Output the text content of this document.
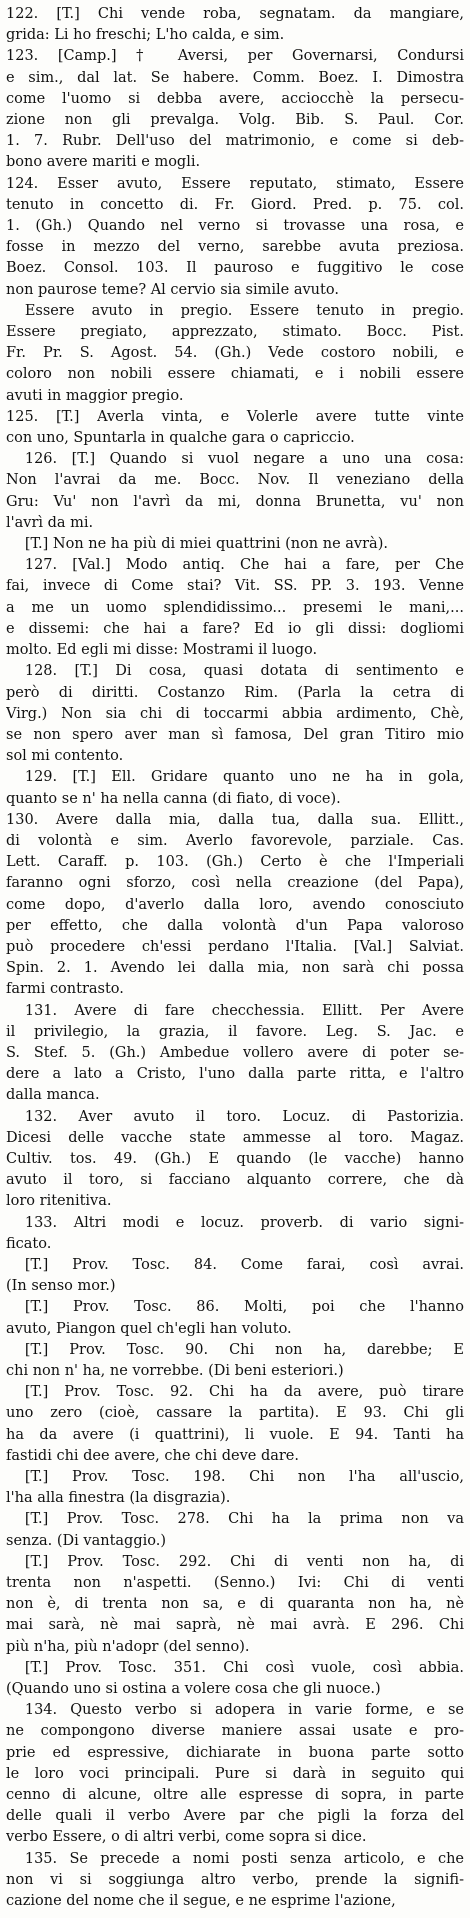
122. [T.] Chi vende roba, segnatam. da mangiare,
grida: Li ho freschi; L'ho calda, e sim.
123. [Camp.] † Aversi, per Governarsi, Condursi
e sim., dal lat. Se habere. Comm. Boez. I. Dimostra
come l'uomo si debba avere, acciocchè la persecu-
zione non gli prevalga. Volg. Bib. S. Paul. Cor.
1. 7. Rubr. Dell'uso del matrimonio, e come si deb-
bono avere mariti e mogli.
124. Esser avuto, Essere reputato, stimato, Essere
tenuto in concetto di. Fr. Giord. Pred. p. 75. col.
1. (Gh.) Quando nel verno si trovasse una rosa, e
fosse in mezzo del verno, sarebbe avuta preziosa.
Boez. Consol. 103. Il pauroso e fuggitivo le cose
non paurose teme? Al cervio sia simile avuto.
Essere avuto in pregio. Essere tenuto in pregio.
Essere pregiato, apprezzato, stimato. Bocc. Pist.
Fr. Pr. S. Agost. 54. (Gh.) Vede costoro nobili, e
coloro non nobili essere chiamati, e i nobili essere
avuti in maggior pregio.
125. [T.] Averla vinta, e Volerle avere tutte vinte
con uno, Spuntarla in qualche gara o capriccio.
126. [T.] Quando si vuol negare a uno una cosa:
Non l'avrai da me. Bocc. Nov. Il veneziano della
Gru: Vu' non l'avrì da mi, donna Brunetta, vu' non
l'avrì da mi.
[T.] Non ne ha più di miei quattrini (non ne avrà).
127. [Val.] Modo antiq. Che hai a fare, per Che
fai, invece di Come stai? Vit. SS. PP. 3. 193. Venne
a me un uomo splendidissimo... presemi le mani,...
e dissemi: che hai a fare? Ed io gli dissi: dogliomi
molto. Ed egli mi disse: Mostrami il luogo.
128. [T.] Di cosa, quasi dotata di sentimento e
però di diritti. Costanzo Rim. (Parla la cetra di
Virg.) Non sia chi di toccarmi abbia ardimento, Chè,
se non spero aver man sì famosa, Del gran Titiro mio
sol mi contento.
129. [T.] Ell. Gridare quanto uno ne ha in gola,
quanto se n' ha nella canna (di fiato, di voce).
130. Avere dalla mia, dalla tua, dalla sua. Ellitt.,
di volontà e sim. Averlo favorevole, parziale. Cas.
Lett. Caraff. p. 103. (Gh.) Certo è che l'Imperiali
faranno ogni sforzo, così nella creazione (del Papa),
come dopo, d'averlo dalla loro, avendo conosciuto
per effetto, che dalla volontà d'un Papa valoroso
può procedere ch'essi perdano l'Italia. [Val.] Salviat.
Spin. 2. 1. Avendo lei dalla mia, non sarà chi possa
farmi contrasto.
131. Avere di fare checchessia. Ellitt. Per Avere
il privilegio, la grazia, il favore. Leg. S. Jac. e
S. Stef. 5. (Gh.) Ambedue vollero avere di poter se-
dere a lato a Cristo, l'uno dalla parte ritta, e l'altro
dalla manca.
132. Aver avuto il toro. Locuz. di Pastorizia.
Dicesi delle vacche state ammesse al toro. Magaz.
Cultiv. tos. 49. (Gh.) E quando (le vacche) hanno
avuto il toro, si facciano alquanto correre, che dà
loro ritenitiva.
133. Altri modi e locuz. proverb. di vario signi-
ficato.
[T.] Prov. Tosc. 84. Come farai, così avrai.
(In senso mor.)
[T.] Prov. Tosc. 86. Molti, poi che l'hanno
avuto, Piangon quel ch'egli han voluto.
[T.] Prov. Tosc. 90. Chi non ha, darebbe; E
chi non n' ha, ne vorrebbe. (Di beni esteriori.)
[T.] Prov. Tosc. 92. Chi ha da avere, può tirare
uno zero (cioè, cassare la partita). E 93. Chi gli
ha da avere (i quattrini), li vuole. E 94. Tanti ha
fastidi chi dee avere, che chi deve dare.
[T.] Prov. Tosc. 198. Chi non l'ha all'uscio,
l'ha alla finestra (la disgrazia).
[T.] Prov. Tosc. 278. Chi ha la prima non va
senza. (Di vantaggio.)
[T.] Prov. Tosc. 292. Chi di venti non ha, di
trenta non n'aspetti. (Senno.) Ivi: Chi di venti
non è, di trenta non sa, e di quaranta non ha, nè
mai sarà, nè mai saprà, nè mai avrà. E 296. Chi
più n'ha, più n'adopr (del senno).
[T.] Prov. Tosc. 351. Chi così vuole, così abbia.
(Quando uno si ostina a volere cosa che gli nuoce.)
134. Questo verbo si adopera in varie forme, e se
ne compongono diverse maniere assai usate e pro-
prie ed espressive, dichiarate in buona parte sotto
le loro voci principali. Pure si darà in seguito qui
cenno di alcune, oltre alle espresse di sopra, in parte
delle quali il verbo Avere par che pigli la forza del
verbo Essere, o di altri verbi, come sopra si dice.
135. Se precede a nomi posti senza articolo, e che
non vi si soggiunga altro verbo, prende la signifi-
cazione del nome che il segue, e ne esprime l'azione,
